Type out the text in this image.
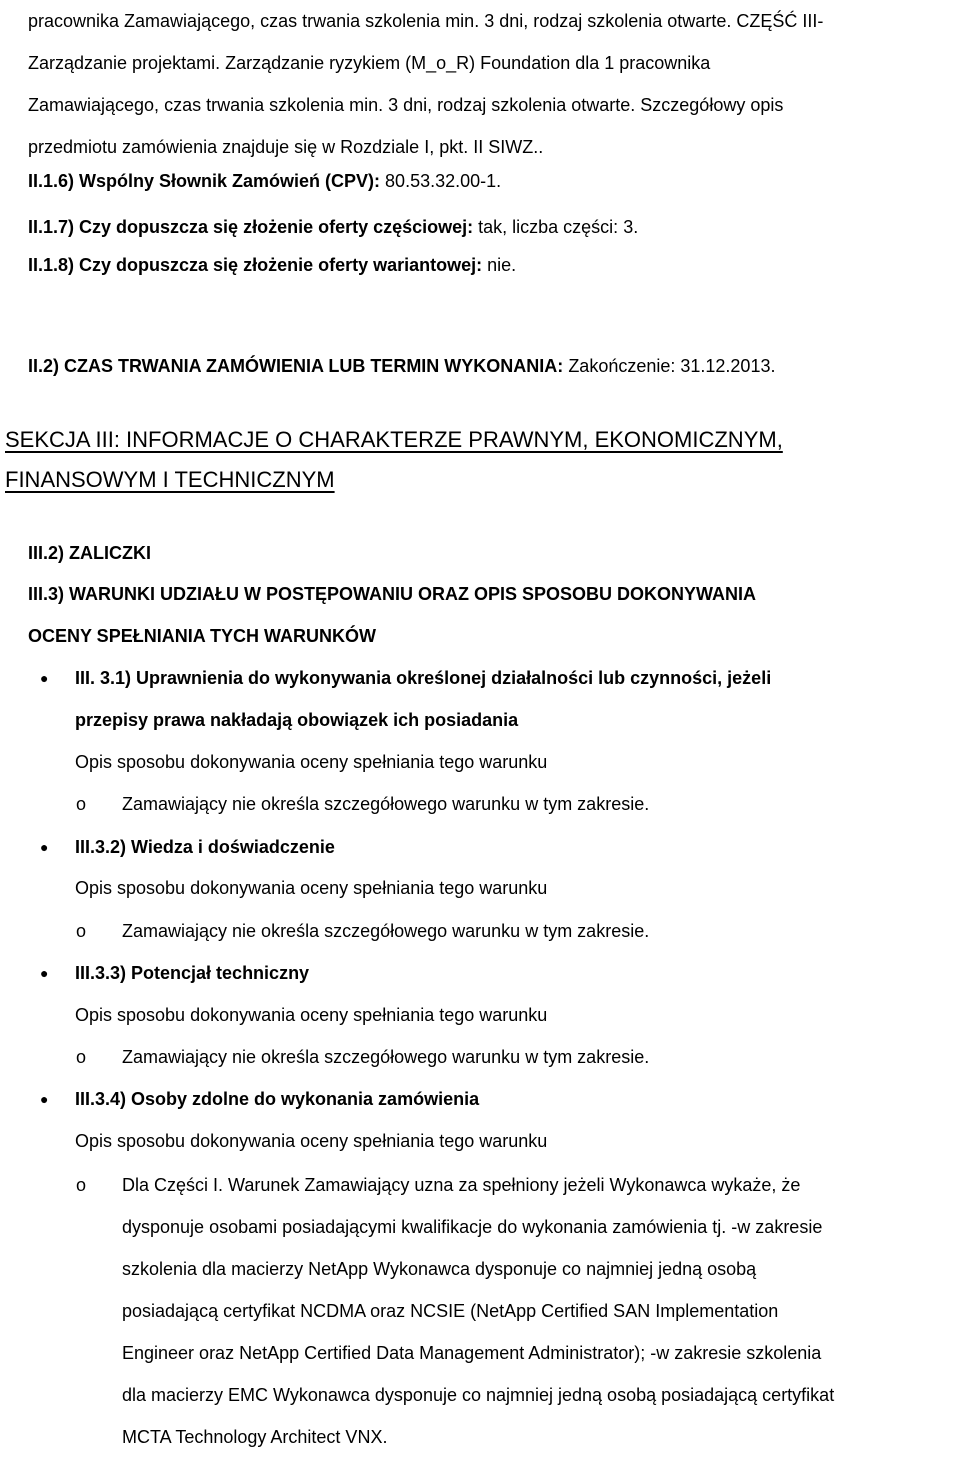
pracownika Zamawiającego, czas trwania szkolenia min. 3 dni, rodzaj szkolenia otwarte. CZĘŚĆ III-
Zarządzanie projektami. Zarządzanie ryzykiem (M_o_R) Foundation dla 1 pracownika
Zamawiającego, czas trwania szkolenia min. 3 dni, rodzaj szkolenia otwarte. Szczegółowy opis
przedmiotu zamówienia znajduje się w Rozdziale I, pkt. II SIWZ..

II.1.6) Wspólny Słownik Zamówień (CPV): 80.53.32.00-1.

II.1.7) Czy dopuszcza się złożenie oferty częściowej: tak, liczba części: 3.

II.1.8) Czy dopuszcza się złożenie oferty wariantowej: nie.

II.2) CZAS TRWANIA ZAMÓWIENIA LUB TERMIN WYKONANIA: Zakończenie: 31.12.2013.

SEKCJA III: INFORMACJE O CHARAKTERZE PRAWNYM, EKONOMICZNYM,
FINANSOWYM I TECHNICZNYM

III.2) ZALICZKI

III.3) WARUNKI UDZIAŁU W POSTĘPOWANIU ORAZ OPIS SPOSOBU DOKONYWANIA
OCENY SPEŁNIANIA TYCH WARUNKÓW

● III. 3.1) Uprawnienia do wykonywania określonej działalności lub czynności, jeżeli
przepisy prawa nakładają obowiązek ich posiadania

Opis sposobu dokonywania oceny spełniania tego warunku

o Zamawiający nie określa szczegółowego warunku w tym zakresie.

● III.3.2) Wiedza i doświadczenie

Opis sposobu dokonywania oceny spełniania tego warunku

o Zamawiający nie określa szczegółowego warunku w tym zakresie.

● III.3.3) Potencjał techniczny

Opis sposobu dokonywania oceny spełniania tego warunku

o Zamawiający nie określa szczegółowego warunku w tym zakresie.

● III.3.4) Osoby zdolne do wykonania zamówienia

Opis sposobu dokonywania oceny spełniania tego warunku

o Dla Części I. Warunek Zamawiający uzna za spełniony jeżeli Wykonawca wykaże, że
dysponuje osobami posiadającymi kwalifikacje do wykonania zamówienia tj. -w zakresie
szkolenia dla macierzy NetApp Wykonawca dysponuje co najmniej jedną osobą
posiadającą certyfikat NCDMA oraz NCSIE (NetApp Certified SAN Implementation
Engineer oraz NetApp Certified Data Management Administrator); -w zakresie szkolenia
dla macierzy EMC Wykonawca dysponuje co najmniej jedną osobą posiadającą certyfikat
MCTA Technology Architect VNX.
